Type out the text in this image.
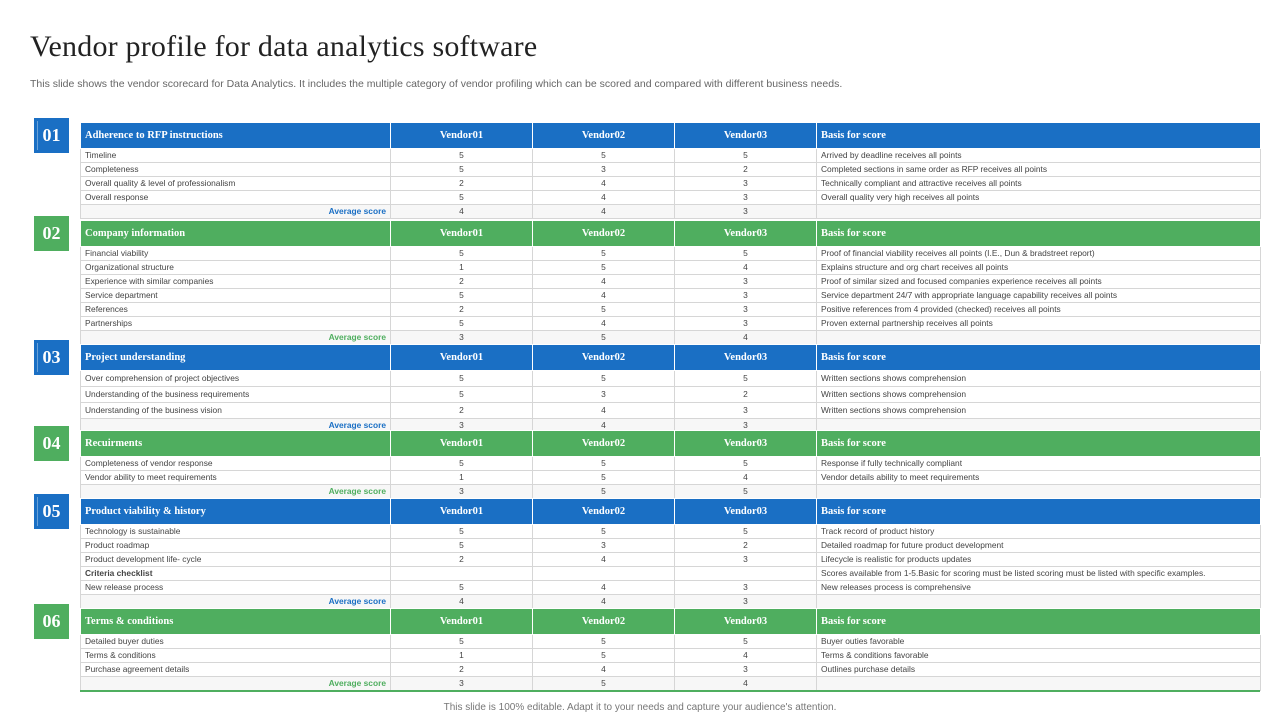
Vendor profile for data analytics software
This slide shows the vendor scorecard for Data Analytics. It includes the multiple category of vendor profiling which can be scored and compared with different business needs.
01	Adherence to RFP instructions	Vendor01	Vendor02	Vendor03	Basis for score
Timeline	5	5	5	Arrived by deadline receives all points
Completeness	5	3	2	Completed sections in same order as RFP receives all points
Overall quality & level of professionalism	2	4	3	Technically compliant and attractive receives all points
Overall response	5	4	3	Overall quality very high receives all points
Average score	4	4	3	
02	Company information	Vendor01	Vendor02	Vendor03	Basis for score
Financial viability	5	5	5	Proof of financial viability receives all points (I.E., Dun & bradstreet report)
Organizational structure	1	5	4	Explains structure and org chart receives all points
Experience with similar companies	2	4	3	Proof of similar sized and focused companies experience receives all points
Service department	5	4	3	Service department 24/7 with appropriate language capability receives all points
References	2	5	3	Positive references from 4 provided (checked) receives all points
Partnerships	5	4	3	Proven external partnership receives all points
Average score	3	5	4	
03	Project understanding	Vendor01	Vendor02	Vendor03	Basis for score
Over comprehension of project objectives	5	5	5	Written sections shows comprehension
Understanding of the business requirements	5	3	2	Written sections shows comprehension
Understanding of the business vision	2	4	3	Written sections shows comprehension
Average score	3	4	3	
04	Recuirments	Vendor01	Vendor02	Vendor03	Basis for score
Completeness of vendor response	5	5	5	Response if fully technically compliant
Vendor ability to meet requirements	1	5	4	Vendor details ability to meet requirements
Average score	3	5	5	
05	Product viability & history	Vendor01	Vendor02	Vendor03	Basis for score
Technology is sustainable	5	5	5	Track record of product history
Product roadmap	5	3	2	Detailed roadmap for future product development
Product development life- cycle	2	4	3	Lifecycle is realistic for products updates
Criteria checklist				Scores available from 1-5.Basic for scoring must be listed scoring must be listed with specific examples.
New release process	5	4	3	New releases process is comprehensive
Average score	4	4	3	
06	Terms & conditions	Vendor01	Vendor02	Vendor03	Basis for score
Detailed buyer duties	5	5	5	Buyer outies favorable
Terms & conditions	1	5	4	Terms & conditions favorable
Purchase agreement details	2	4	3	Outlines purchase details
Average score	3	5	4	
This slide is 100% editable. Adapt it to your needs and capture your audience's attention.
